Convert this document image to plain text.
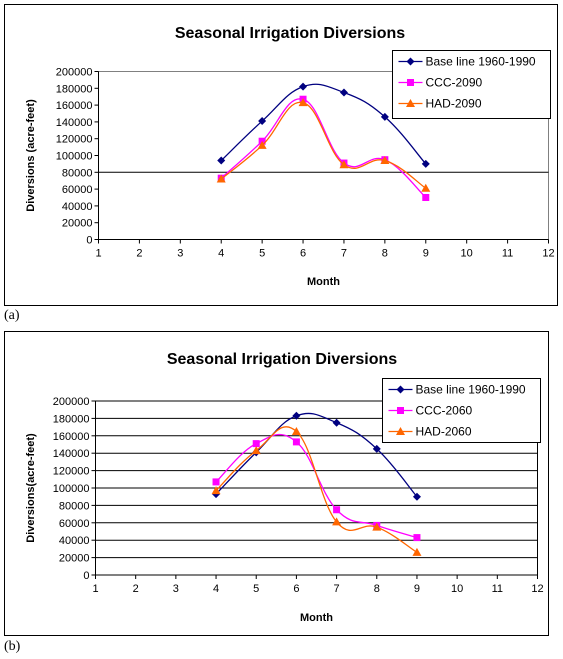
Seasonal Irrigation Diversions
0
20000
40000
60000
80000
100000
120000
140000
160000
180000
200000
1	2	3	4	5	6	7	8	9	10	11	12
Month
Diversions (acre-feet)
Base line 1960-1990
CCC-2090
HAD-2090
(a)
Seasonal Irrigation Diversions
0
20000
40000
60000
80000
100000
120000
140000
160000
180000
200000
1	2	3	4	5	6	7	8	9	10	11	12
Month
Diversions(acre-feet)
Base line 1960-1990
CCC-2060
HAD-2060
(b)
